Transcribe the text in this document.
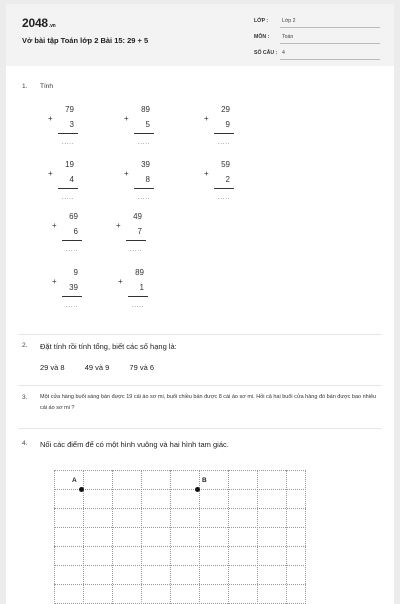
2048.vn
Vở bài tập Toán lớp 2 Bài 15: 29 + 5
LỚP :	Lớp 2
MÔN : Toán
SỐ CÂU : 4
1. Tính
79
+
3
.....
89
+
5
.....
29
+
9
.....
19
+
4
.....
39
+
8
.....
59
+
2
.....
69
+
6
.....
49
+
7
.....
9
+
39
.....
89
+
1
.....
2. Đặt tính rồi tính tổng, biết các số hạng là:
29 và 8	49 và 9	79 và 6
3. Một cửa hàng buổi sáng bán được 19 cái áo sơ mi, buổi chiều bán được 8 cái áo sơ mi. Hỏi cả hai buổi cửa hàng đó bán được bao nhiêu cái áo sơ mi ?
4. Nối các điểm để có một hình vuông và hai hình tam giác.
A	B
